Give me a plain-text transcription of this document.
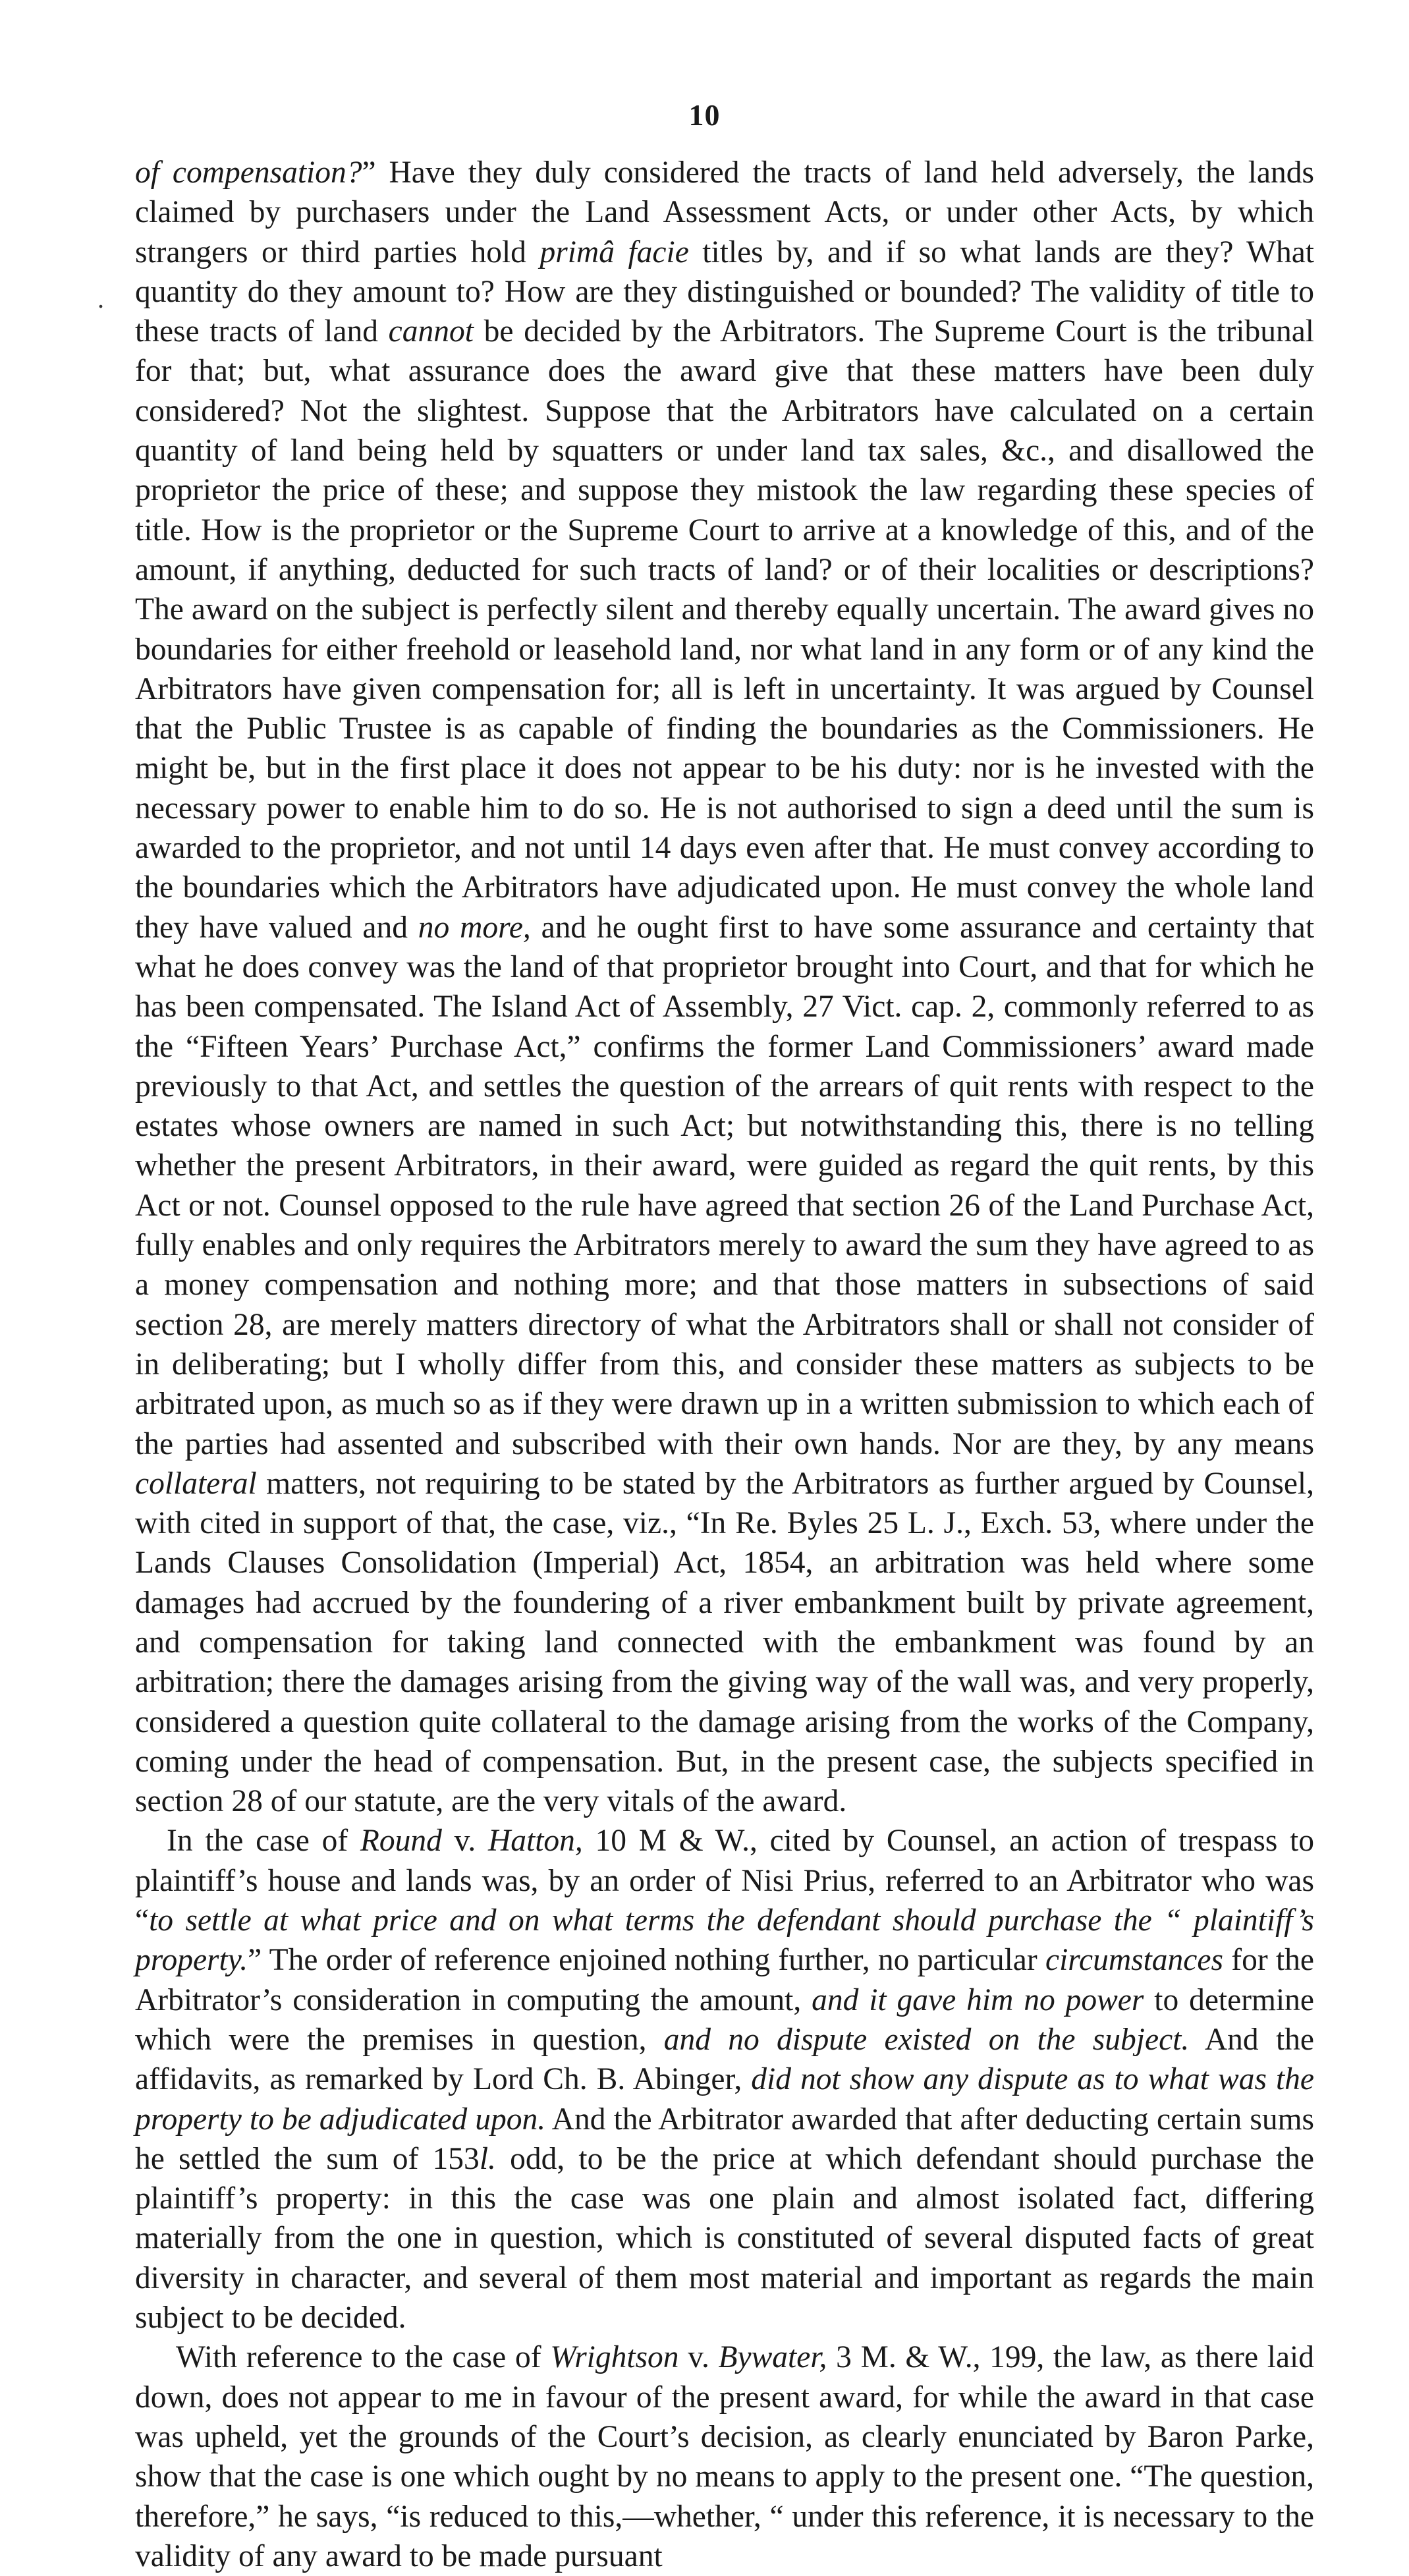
10
.

of compensation?” Have they duly considered the tracts of land held adversely, the lands claimed by purchasers under the Land Assessment Acts, or under other Acts, by which strangers or third parties hold primâ facie titles by, and if so what lands are they? What quantity do they amount to? How are they distinguished or bounded? The validity of title to these tracts of land cannot be decided by the Arbitrators. The Supreme Court is the tribunal for that; but, what assurance does the award give that these matters have been duly considered? Not the slightest. Suppose that the Arbitrators have calculated on a certain quantity of land being held by squatters or under land tax sales, &c., and disallowed the proprietor the price of these; and suppose they mistook the law regarding these species of title. How is the proprietor or the Supreme Court to arrive at a knowledge of this, and of the amount, if anything, deducted for such tracts of land? or of their localities or descriptions? The award on the subject is perfectly silent and thereby equally uncertain. The award gives no boundaries for either freehold or leasehold land, nor what land in any form or of any kind the Arbitrators have given compensation for; all is left in uncertainty. It was argued by Counsel that the Public Trustee is as capable of finding the boundaries as the Commissioners. He might be, but in the first place it does not appear to be his duty: nor is he invested with the necessary power to enable him to do so. He is not authorised to sign a deed until the sum is awarded to the proprietor, and not until 14 days even after that. He must convey according to the boundaries which the Arbitrators have adjudicated upon. He must convey the whole land they have valued and no more, and he ought first to have some assurance and certainty that what he does convey was the land of that proprietor brought into Court, and that for which he has been compensated. The Island Act of Assembly, 27 Vict. cap. 2, commonly referred to as the “Fifteen Years’ Purchase Act,” confirms the former Land Commissioners’ award made previously to that Act, and settles the question of the arrears of quit rents with respect to the estates whose owners are named in such Act; but notwithstanding this, there is no telling whether the present Arbitrators, in their award, were guided as regard the quit rents, by this Act or not. Counsel opposed to the rule have agreed that section 26 of the Land Purchase Act, fully enables and only requires the Arbitrators merely to award the sum they have agreed to as a money compensation and nothing more; and that those matters in subsections of said section 28, are merely matters directory of what the Arbitrators shall or shall not consider of in deliberating; but I wholly differ from this, and consider these matters as subjects to be arbitrated upon, as much so as if they were drawn up in a written submission to which each of the parties had assented and subscribed with their own hands. Nor are they, by any means collateral matters, not requiring to be stated by the Arbitrators as further argued by Counsel, with cited in support of that, the case, viz., “In Re. Byles 25 L. J., Exch. 53, where under the Lands Clauses Consolidation (Imperial) Act, 1854, an arbitration was held where some damages had accrued by the foundering of a river embankment built by private agreement, and compensation for taking land connected with the embankment was found by an arbitration; there the damages arising from the giving way of the wall was, and very properly, considered a question quite collateral to the damage arising from the works of the Company, coming under the head of compensation. But, in the present case, the subjects specified in section 28 of our statute, are the very vitals of the award.

In the case of Round v. Hatton, 10 M & W., cited by Counsel, an action of trespass to plaintiff’s house and lands was, by an order of Nisi Prius, referred to an Arbitrator who was “to settle at what price and on what terms the defendant should purchase the “ plaintiff’s property.” The order of reference enjoined nothing further, no particular circumstances for the Arbitrator’s consideration in computing the amount, and it gave him no power to determine which were the premises in question, and no dispute existed on the subject. And the affidavits, as remarked by Lord Ch. B. Abinger, did not show any dispute as to what was the property to be adjudicated upon. And the Arbitrator awarded that after deducting certain sums he settled the sum of 153l. odd, to be the price at which defendant should purchase the plaintiff’s property: in this the case was one plain and almost isolated fact, differing materially from the one in question, which is constituted of several disputed facts of great diversity in character, and several of them most material and important as regards the main subject to be decided.

With reference to the case of Wrightson v. Bywater, 3 M. & W., 199, the law, as there laid down, does not appear to me in favour of the present award, for while the award in that case was upheld, yet the grounds of the Court’s decision, as clearly enunciated by Baron Parke, show that the case is one which ought by no means to apply to the present one. “The question, therefore,” he says, “is reduced to this,—whether, “ under this reference, it is necessary to the validity of any award to be made pursuant
